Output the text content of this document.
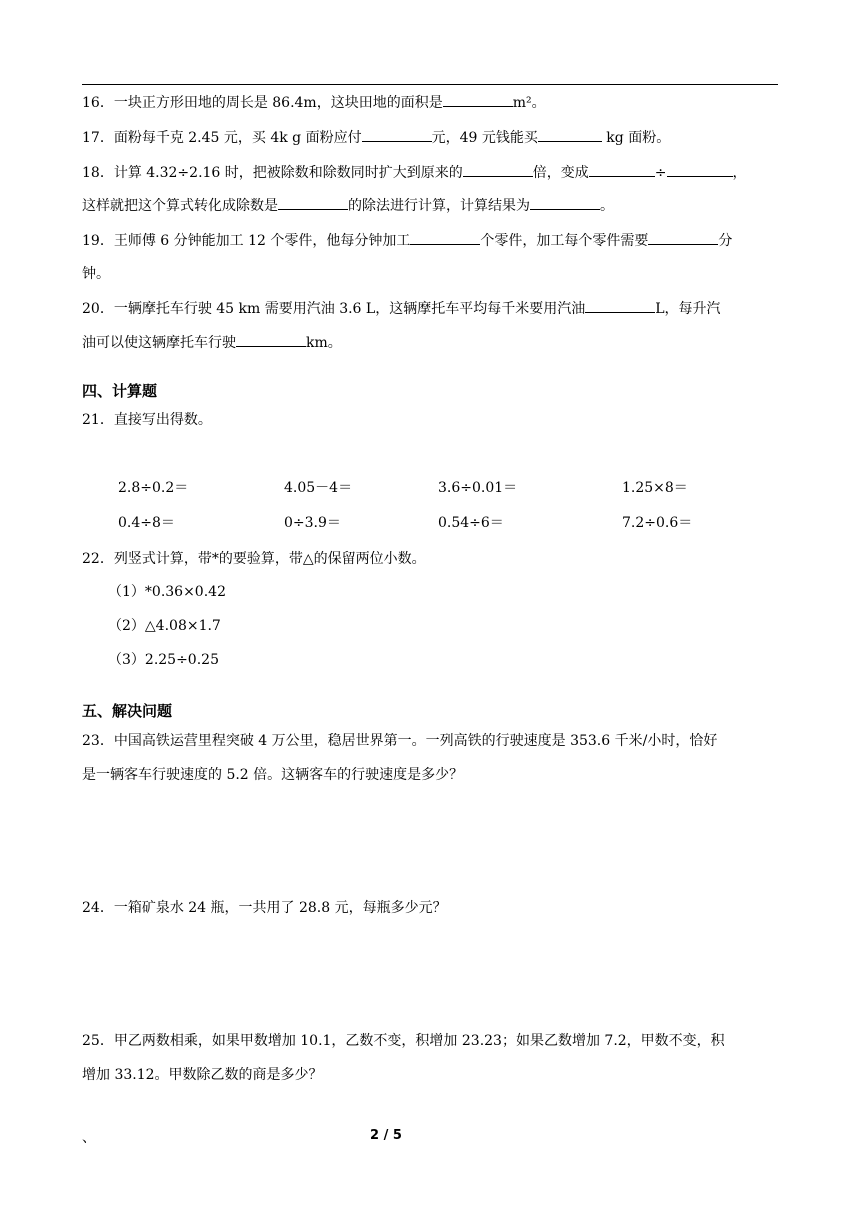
16．一块正方形田地的周长是 86.4m，这块田地的面积是	m²。
17．面粉每千克 2.45 元，买 4k g 面粉应付	元，49 元钱能买	kg 面粉。
18．计算 4.32÷2.16 时，把被除数和除数同时扩大到原来的	倍，变成	÷	，
这样就把这个算式转化成除数是	的除法进行计算，计算结果为	。
19．王师傅 6 分钟能加工 12 个零件，他每分钟加工	个零件，加工每个零件需要	分
钟。
20．一辆摩托车行驶 45 km 需要用汽油 3.6 L，这辆摩托车平均每千米要用汽油	L，每升汽
油可以使这辆摩托车行驶	km。
四、计算题
21．直接写出得数。
2.8÷0.2＝	4.05－4＝	3.6÷0.01＝	1.25×8＝
0.4÷8＝	0÷3.9＝	0.54÷6＝	7.2÷0.6＝
22．列竖式计算，带*的要验算，带△的保留两位小数。
（1）*0.36×0.42
（2）△4.08×1.7
（3）2.25÷0.25
五、解决问题
23．中国高铁运营里程突破 4 万公里，稳居世界第一。一列高铁的行驶速度是 353.6 千米/小时，恰好
是一辆客车行驶速度的 5.2 倍。这辆客车的行驶速度是多少？
24．一箱矿泉水 24 瓶，一共用了 28.8 元，每瓶多少元？
25．甲乙两数相乘，如果甲数增加 10.1，乙数不变，积增加 23.23；如果乙数增加 7.2，甲数不变，积
增加 33.12。甲数除乙数的商是多少？
、	2 / 5
